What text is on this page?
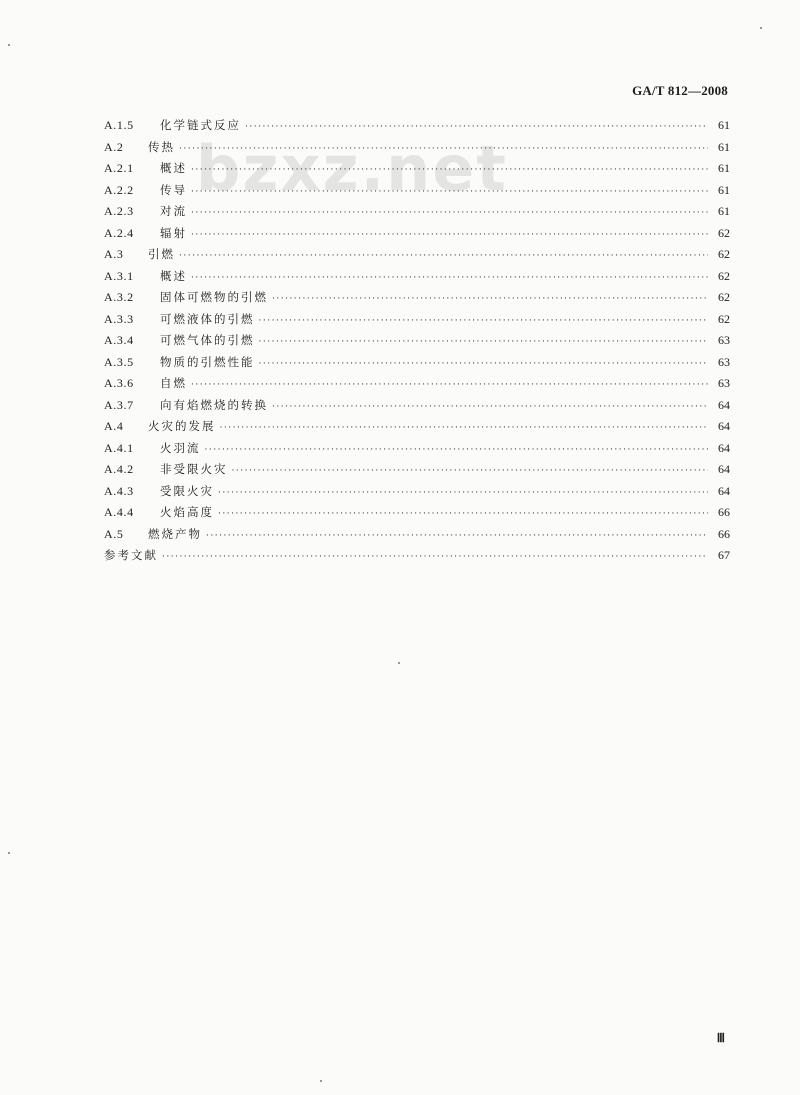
GA/T 812—2008
bzxz.net
A.1.5	化学链式反应 ·····	61
A.2	传热 ·····	61
A.2.1	概述 ·····	61
A.2.2	传导 ·····	61
A.2.3	对流 ·····	61
A.2.4	辐射 ·····	62
A.3	引燃 ·····	62
A.3.1	概述 ·····	62
A.3.2	固体可燃物的引燃 ·····	62
A.3.3	可燃液体的引燃 ·····	62
A.3.4	可燃气体的引燃 ·····	63
A.3.5	物质的引燃性能 ·····	63
A.3.6	自燃 ·····	63
A.3.7	向有焰燃烧的转换 ·····	64
A.4	火灾的发展 ·····	64
A.4.1	火羽流 ·····	64
A.4.2	非受限火灾 ·····	64
A.4.3	受限火灾 ·····	64
A.4.4	火焰高度 ·····	66
A.5	燃烧产物 ·····	66
参考文献 ·····	67
Ⅲ
